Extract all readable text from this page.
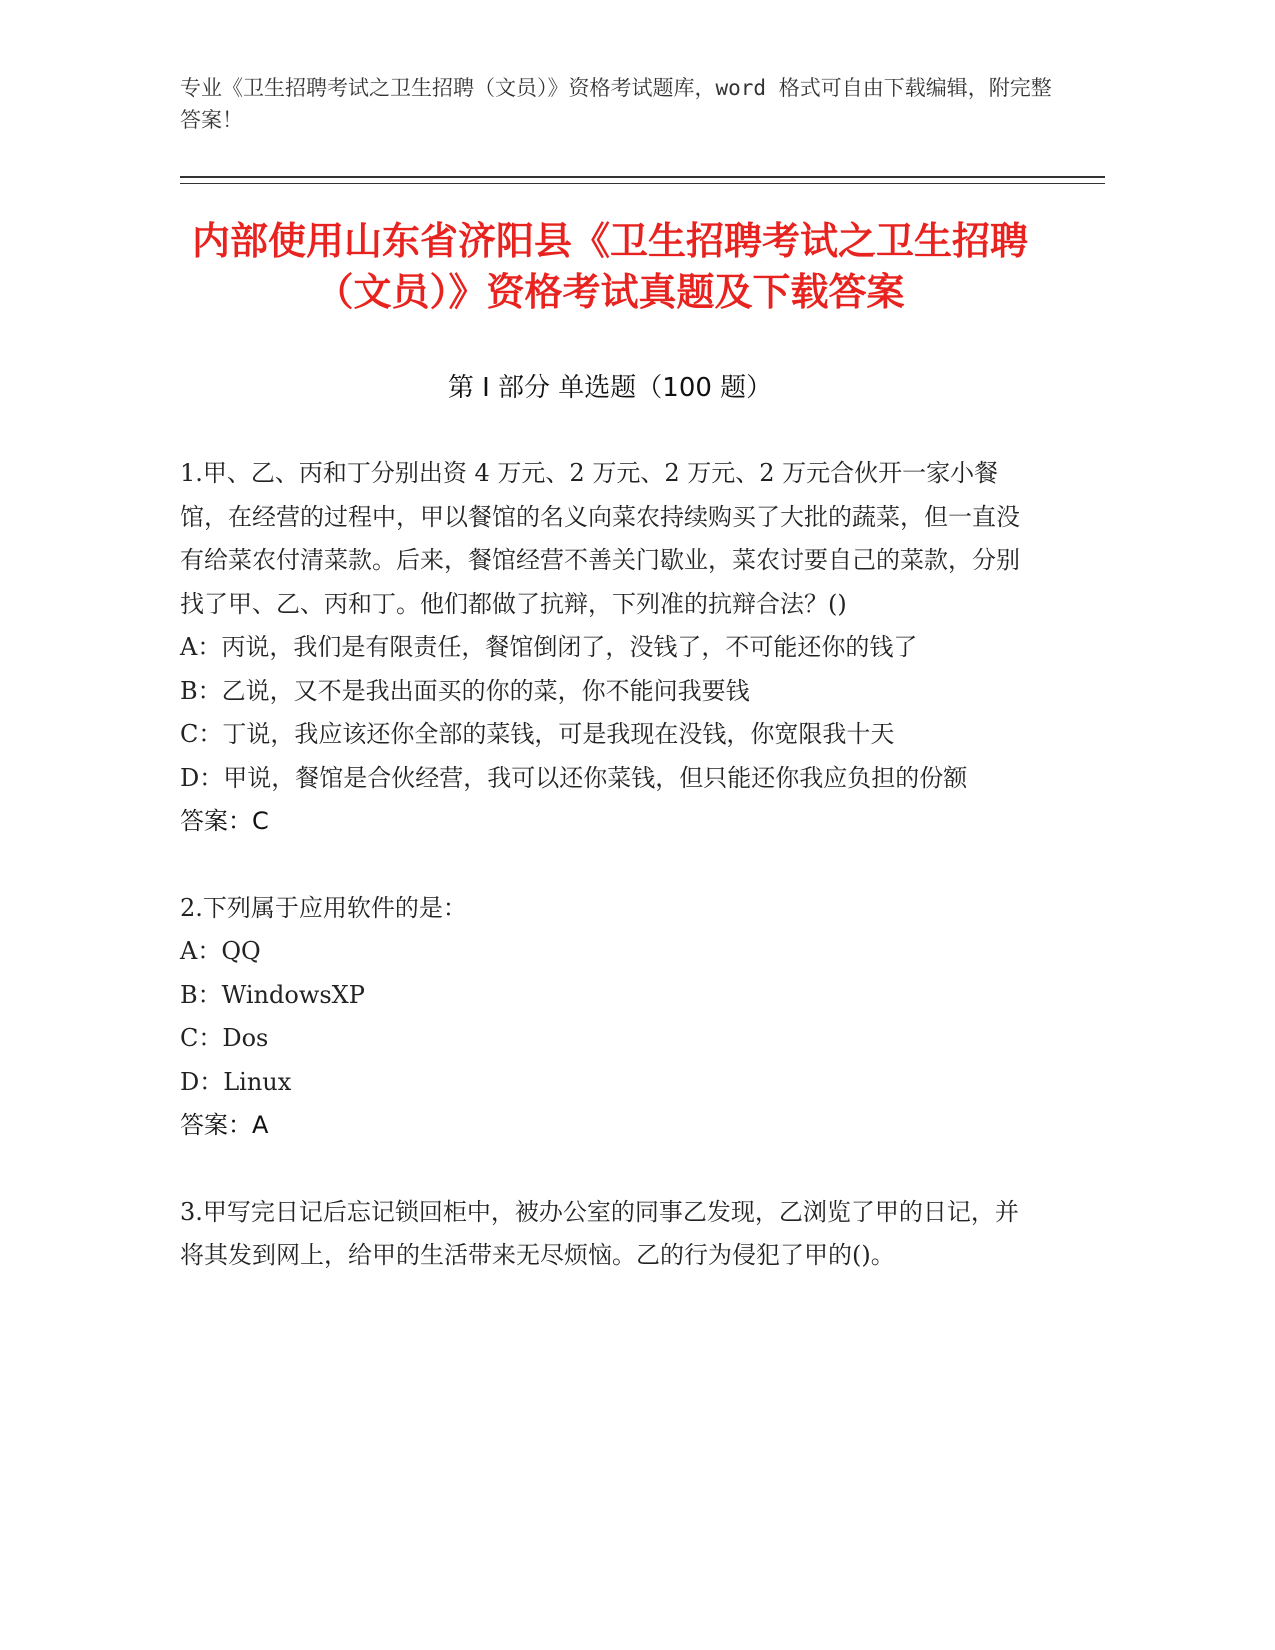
专业《卫生招聘考试之卫生招聘（文员）》资格考试题库，word 格式可自由下载编辑，附完整答案！
内部使用山东省济阳县《卫生招聘考试之卫生招聘（文员）》资格考试真题及下载答案
第 I 部分 单选题（100 题）
1.甲、乙、丙和丁分别出资 4 万元、2 万元、2 万元、2 万元合伙开一家小餐馆，在经营的过程中，甲以餐馆的名义向菜农持续购买了大批的蔬菜，但一直没有给菜农付清菜款。后来，餐馆经营不善关门歇业，菜农讨要自己的菜款，分别找了甲、乙、丙和丁。他们都做了抗辩，下列准的抗辩合法？()
A：丙说，我们是有限责任，餐馆倒闭了，没钱了，不可能还你的钱了
B：乙说，又不是我出面买的你的菜，你不能问我要钱
C：丁说，我应该还你全部的菜钱，可是我现在没钱，你宽限我十天
D：甲说，餐馆是合伙经营，我可以还你菜钱，但只能还你我应负担的份额
答案：C
2.下列属于应用软件的是：
A：QQ
B：WindowsXP
C：Dos
D：Linux
答案：A
3.甲写完日记后忘记锁回柜中，被办公室的同事乙发现，乙浏览了甲的日记，并将其发到网上，给甲的生活带来无尽烦恼。乙的行为侵犯了甲的()。
